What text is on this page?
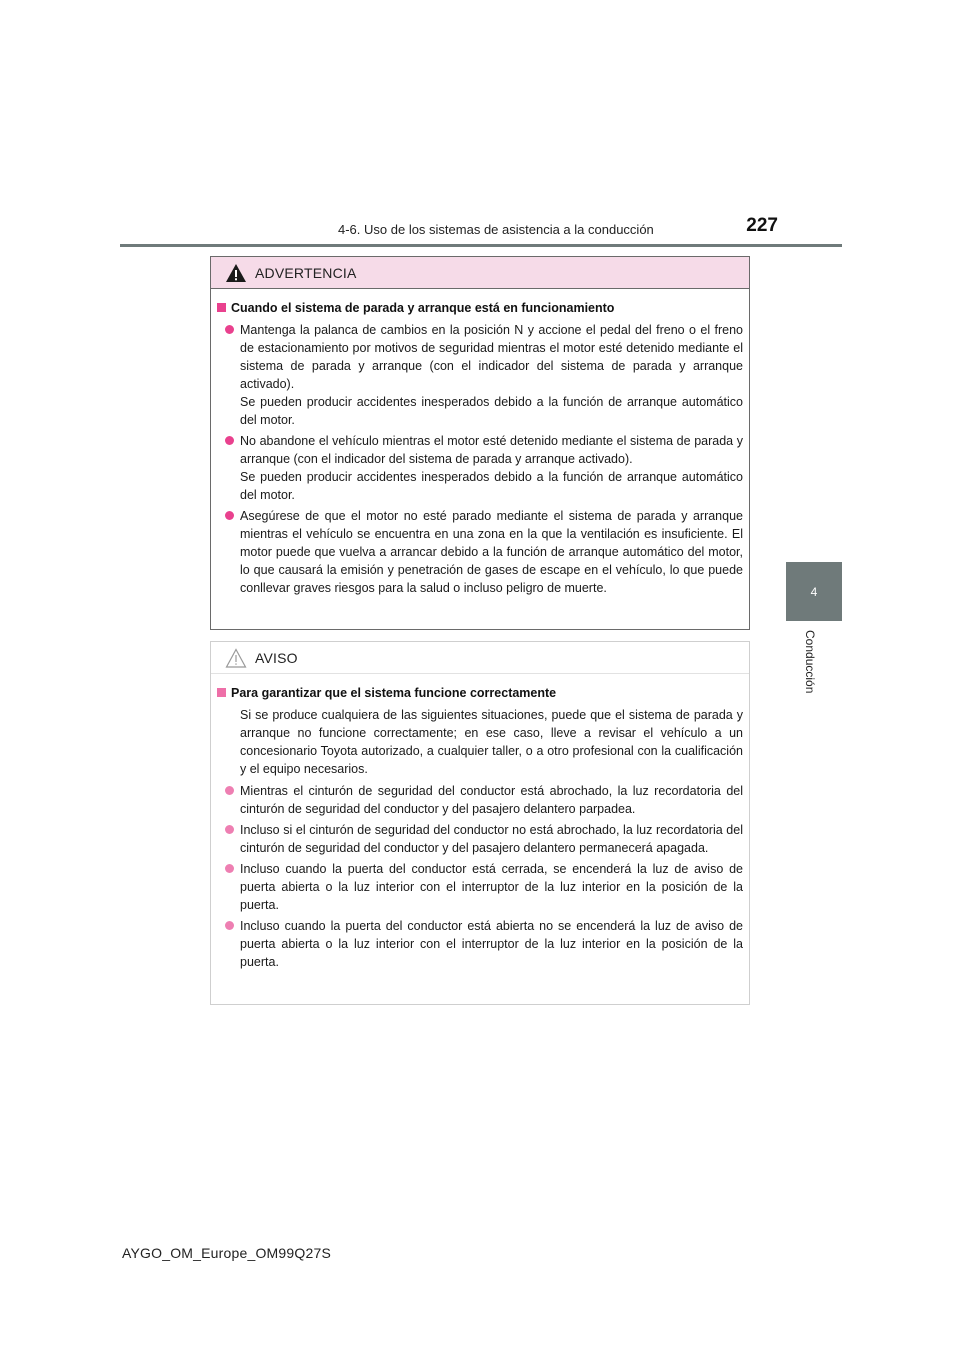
4-6. Uso de los sistemas de asistencia a la conducción	227
4
Conducción
ADVERTENCIA
Cuando el sistema de parada y arranque está en funcionamiento

Mantenga la palanca de cambios en la posición N y accione el pedal del freno o el freno de estacionamiento por motivos de seguridad mientras el motor esté detenido mediante el sistema de parada y arranque (con el indicador del sistema de parada y arranque activado).

Se pueden producir accidentes inesperados debido a la función de arranque automático del motor.

No abandone el vehículo mientras el motor esté detenido mediante el sistema de parada y arranque (con el indicador del sistema de parada y arranque activado).

Se pueden producir accidentes inesperados debido a la función de arranque automático del motor.

Asegúrese de que el motor no esté parado mediante el sistema de parada y arranque mientras el vehículo se encuentra en una zona en la que la ventilación es insuficiente. El motor puede que vuelva a arrancar debido a la función de arranque automático del motor, lo que causará la emisión y penetración de gases de escape en el vehículo, lo que puede conllevar graves riesgos para la salud o incluso peligro de muerte.

AVISO
Para garantizar que el sistema funcione correctamente

Si se produce cualquiera de las siguientes situaciones, puede que el sistema de parada y arranque no funcione correctamente; en ese caso, lleve a revisar el vehículo a un concesionario Toyota autorizado, a cualquier taller, o a otro profesional con la cualificación y el equipo necesarios.

Mientras el cinturón de seguridad del conductor está abrochado, la luz recordatoria del cinturón de seguridad del conductor y del pasajero delantero parpadea.
Incluso si el cinturón de seguridad del conductor no está abrochado, la luz recordatoria del cinturón de seguridad del conductor y del pasajero delantero permanecerá apagada.
Incluso cuando la puerta del conductor está cerrada, se encenderá la luz de aviso de puerta abierta o la luz interior con el interruptor de la luz interior en la posición de la puerta.
Incluso cuando la puerta del conductor está abierta no se encenderá la luz de aviso de puerta abierta o la luz interior con el interruptor de la luz interior en la posición de la puerta.
AYGO_OM_Europe_OM99Q27S
